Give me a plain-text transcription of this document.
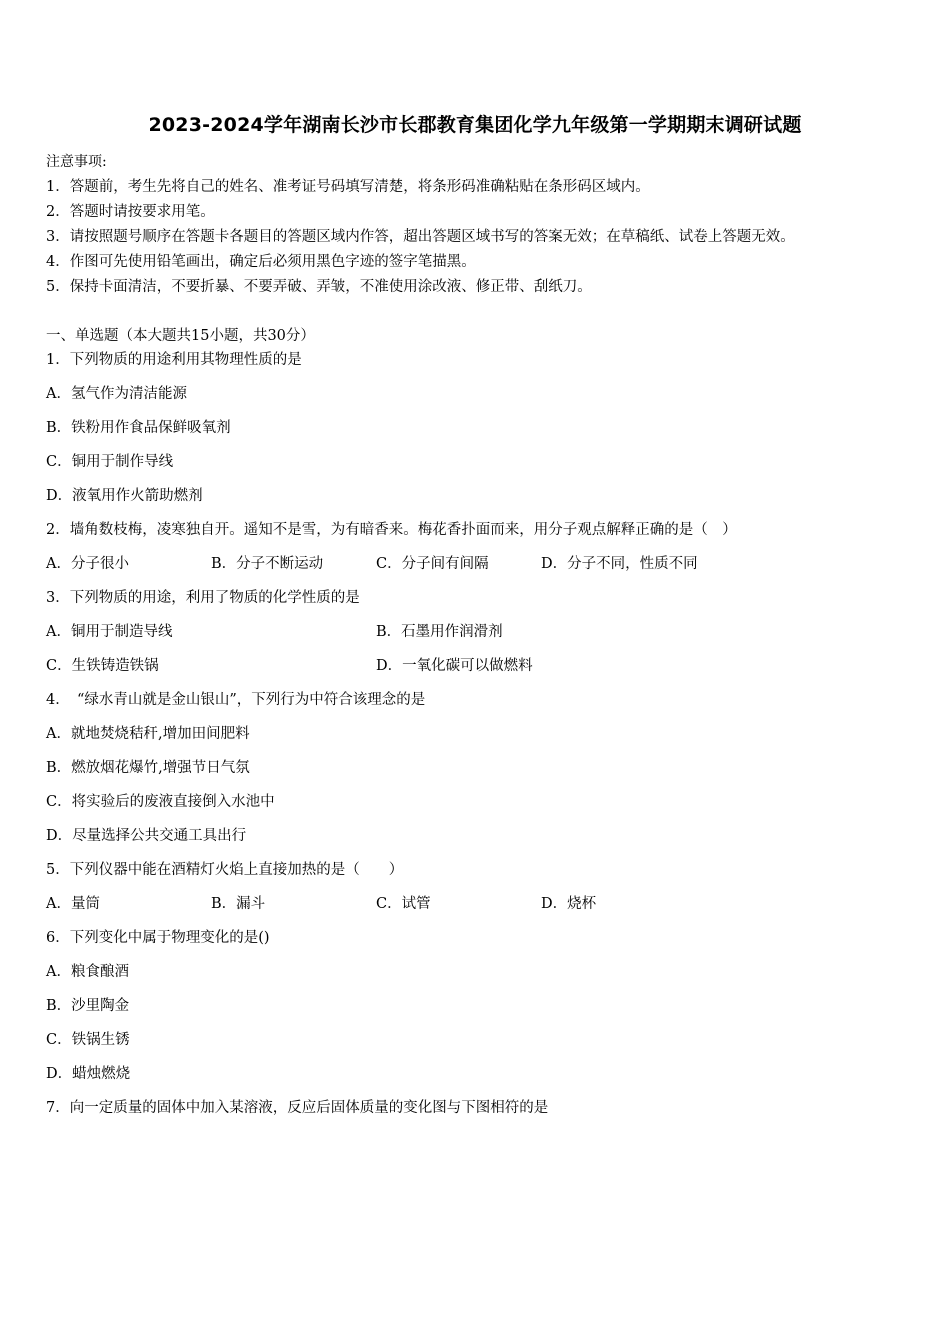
2023-2024学年湖南长沙市长郡教育集团化学九年级第一学期期末调研试题
注意事项:
1．答题前，考生先将自己的姓名、准考证号码填写清楚，将条形码准确粘贴在条形码区域内。
2．答题时请按要求用笔。
3．请按照题号顺序在答题卡各题目的答题区域内作答，超出答题区域书写的答案无效；在草稿纸、试卷上答题无效。
4．作图可先使用铅笔画出，确定后必须用黑色字迹的签字笔描黑。
5．保持卡面清洁，不要折暴、不要弄破、弄皱，不准使用涂改液、修正带、刮纸刀。
一、单选题（本大题共15小题，共30分）
1．下列物质的用途利用其物理性质的是
A．氢气作为清洁能源
B．铁粉用作食品保鲜吸氧剂
C．铜用于制作导线
D．液氧用作火箭助燃剂
2．墙角数枝梅，凌寒独自开。遥知不是雪，为有暗香来。梅花香扑面而来，用分子观点解释正确的是（　）
A．分子很小	B．分子不断运动	C．分子间有间隔	D．分子不同，性质不同
3．下列物质的用途，利用了物质的化学性质的是
A．铜用于制造导线	B．石墨用作润滑剂
C．生铁铸造铁锅	D．一氧化碳可以做燃料
4．　“绿水青山就是金山银山”，下列行为中符合该理念的是
A．就地焚烧秸秆,增加田间肥料
B．燃放烟花爆竹,增强节日气氛
C．将实验后的废液直接倒入水池中
D．尽量选择公共交通工具出行
5．下列仪器中能在酒精灯火焰上直接加热的是（　　）
A．量筒	B．漏斗	C．试管	D．烧杯
6．下列变化中属于物理变化的是()
A．粮食酿酒
B．沙里陶金
C．铁锅生锈
D．蜡烛燃烧
7．向一定质量的固体中加入某溶液，反应后固体质量的变化图与下图相符的是
